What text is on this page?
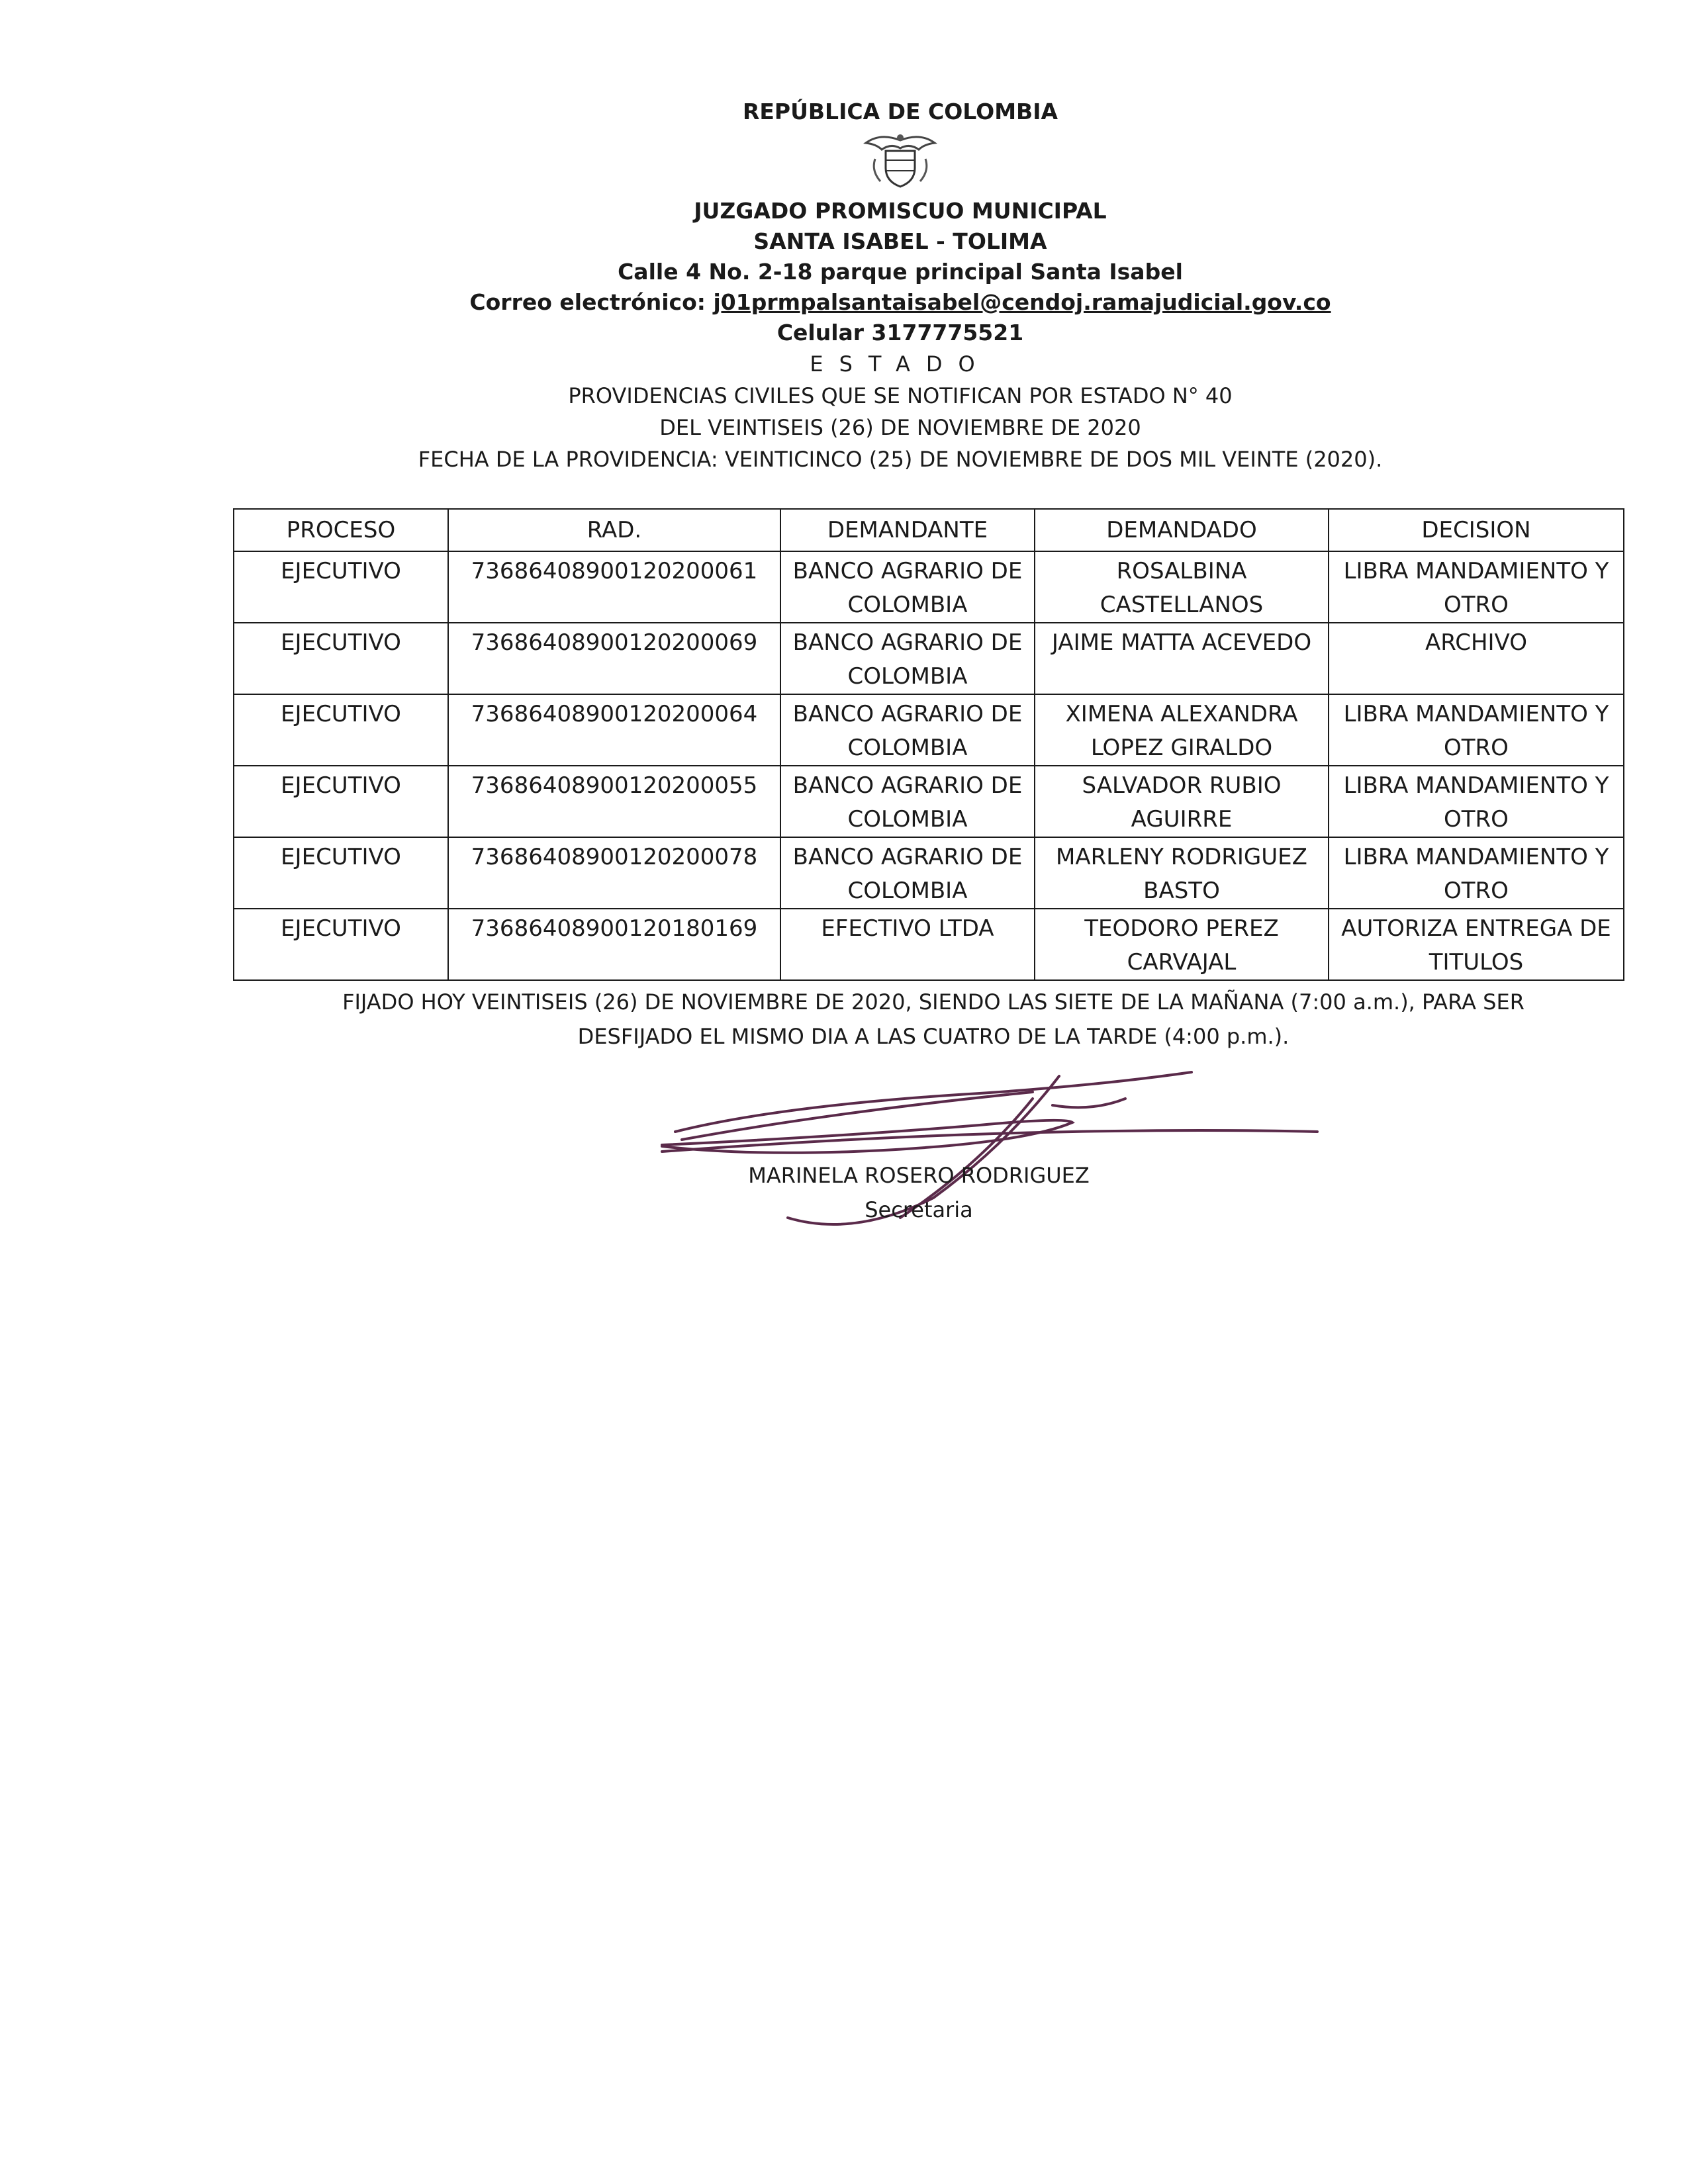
REPÚBLICA DE COLOMBIA

JUZGADO PROMISCUO MUNICIPAL

SANTA ISABEL - TOLIMA

Calle 4 No. 2-18 parque principal Santa Isabel

Correo electrónico: j01prmpalsantaisabel@cendoj.ramajudicial.gov.co

Celular 3177775521

ESTADO

PROVIDENCIAS CIVILES QUE SE NOTIFICAN POR ESTADO N° 40

DEL VEINTISEIS (26) DE NOVIEMBRE DE 2020

FECHA DE LA PROVIDENCIA: VEINTICINCO (25) DE NOVIEMBRE DE DOS MIL VEINTE (2020).

PROCESO	RAD.	DEMANDANTE	DEMANDADO	DECISION
EJECUTIVO	73686408900120200061	BANCO AGRARIO DE COLOMBIA	ROSALBINA CASTELLANOS	LIBRA MANDAMIENTO Y OTRO
EJECUTIVO	73686408900120200069	BANCO AGRARIO DE COLOMBIA	JAIME MATTA ACEVEDO	ARCHIVO
EJECUTIVO	73686408900120200064	BANCO AGRARIO DE COLOMBIA	XIMENA ALEXANDRA LOPEZ GIRALDO	LIBRA MANDAMIENTO Y OTRO
EJECUTIVO	73686408900120200055	BANCO AGRARIO DE COLOMBIA	SALVADOR RUBIO AGUIRRE	LIBRA MANDAMIENTO Y OTRO
EJECUTIVO	73686408900120200078	BANCO AGRARIO DE COLOMBIA	MARLENY RODRIGUEZ BASTO	LIBRA MANDAMIENTO Y OTRO
EJECUTIVO	73686408900120180169	EFECTIVO LTDA	TEODORO PEREZ CARVAJAL	AUTORIZA ENTREGA DE TITULOS
FIJADO HOY VEINTISEIS (26) DE NOVIEMBRE DE 2020, SIENDO LAS SIETE DE LA MAÑANA (7:00 a.m.), PARA SER
DESFIJADO EL MISMO DIA A LAS CUATRO DE LA TARDE (4:00 p.m.).
MARINELA ROSERO RODRIGUEZ
Secretaria
